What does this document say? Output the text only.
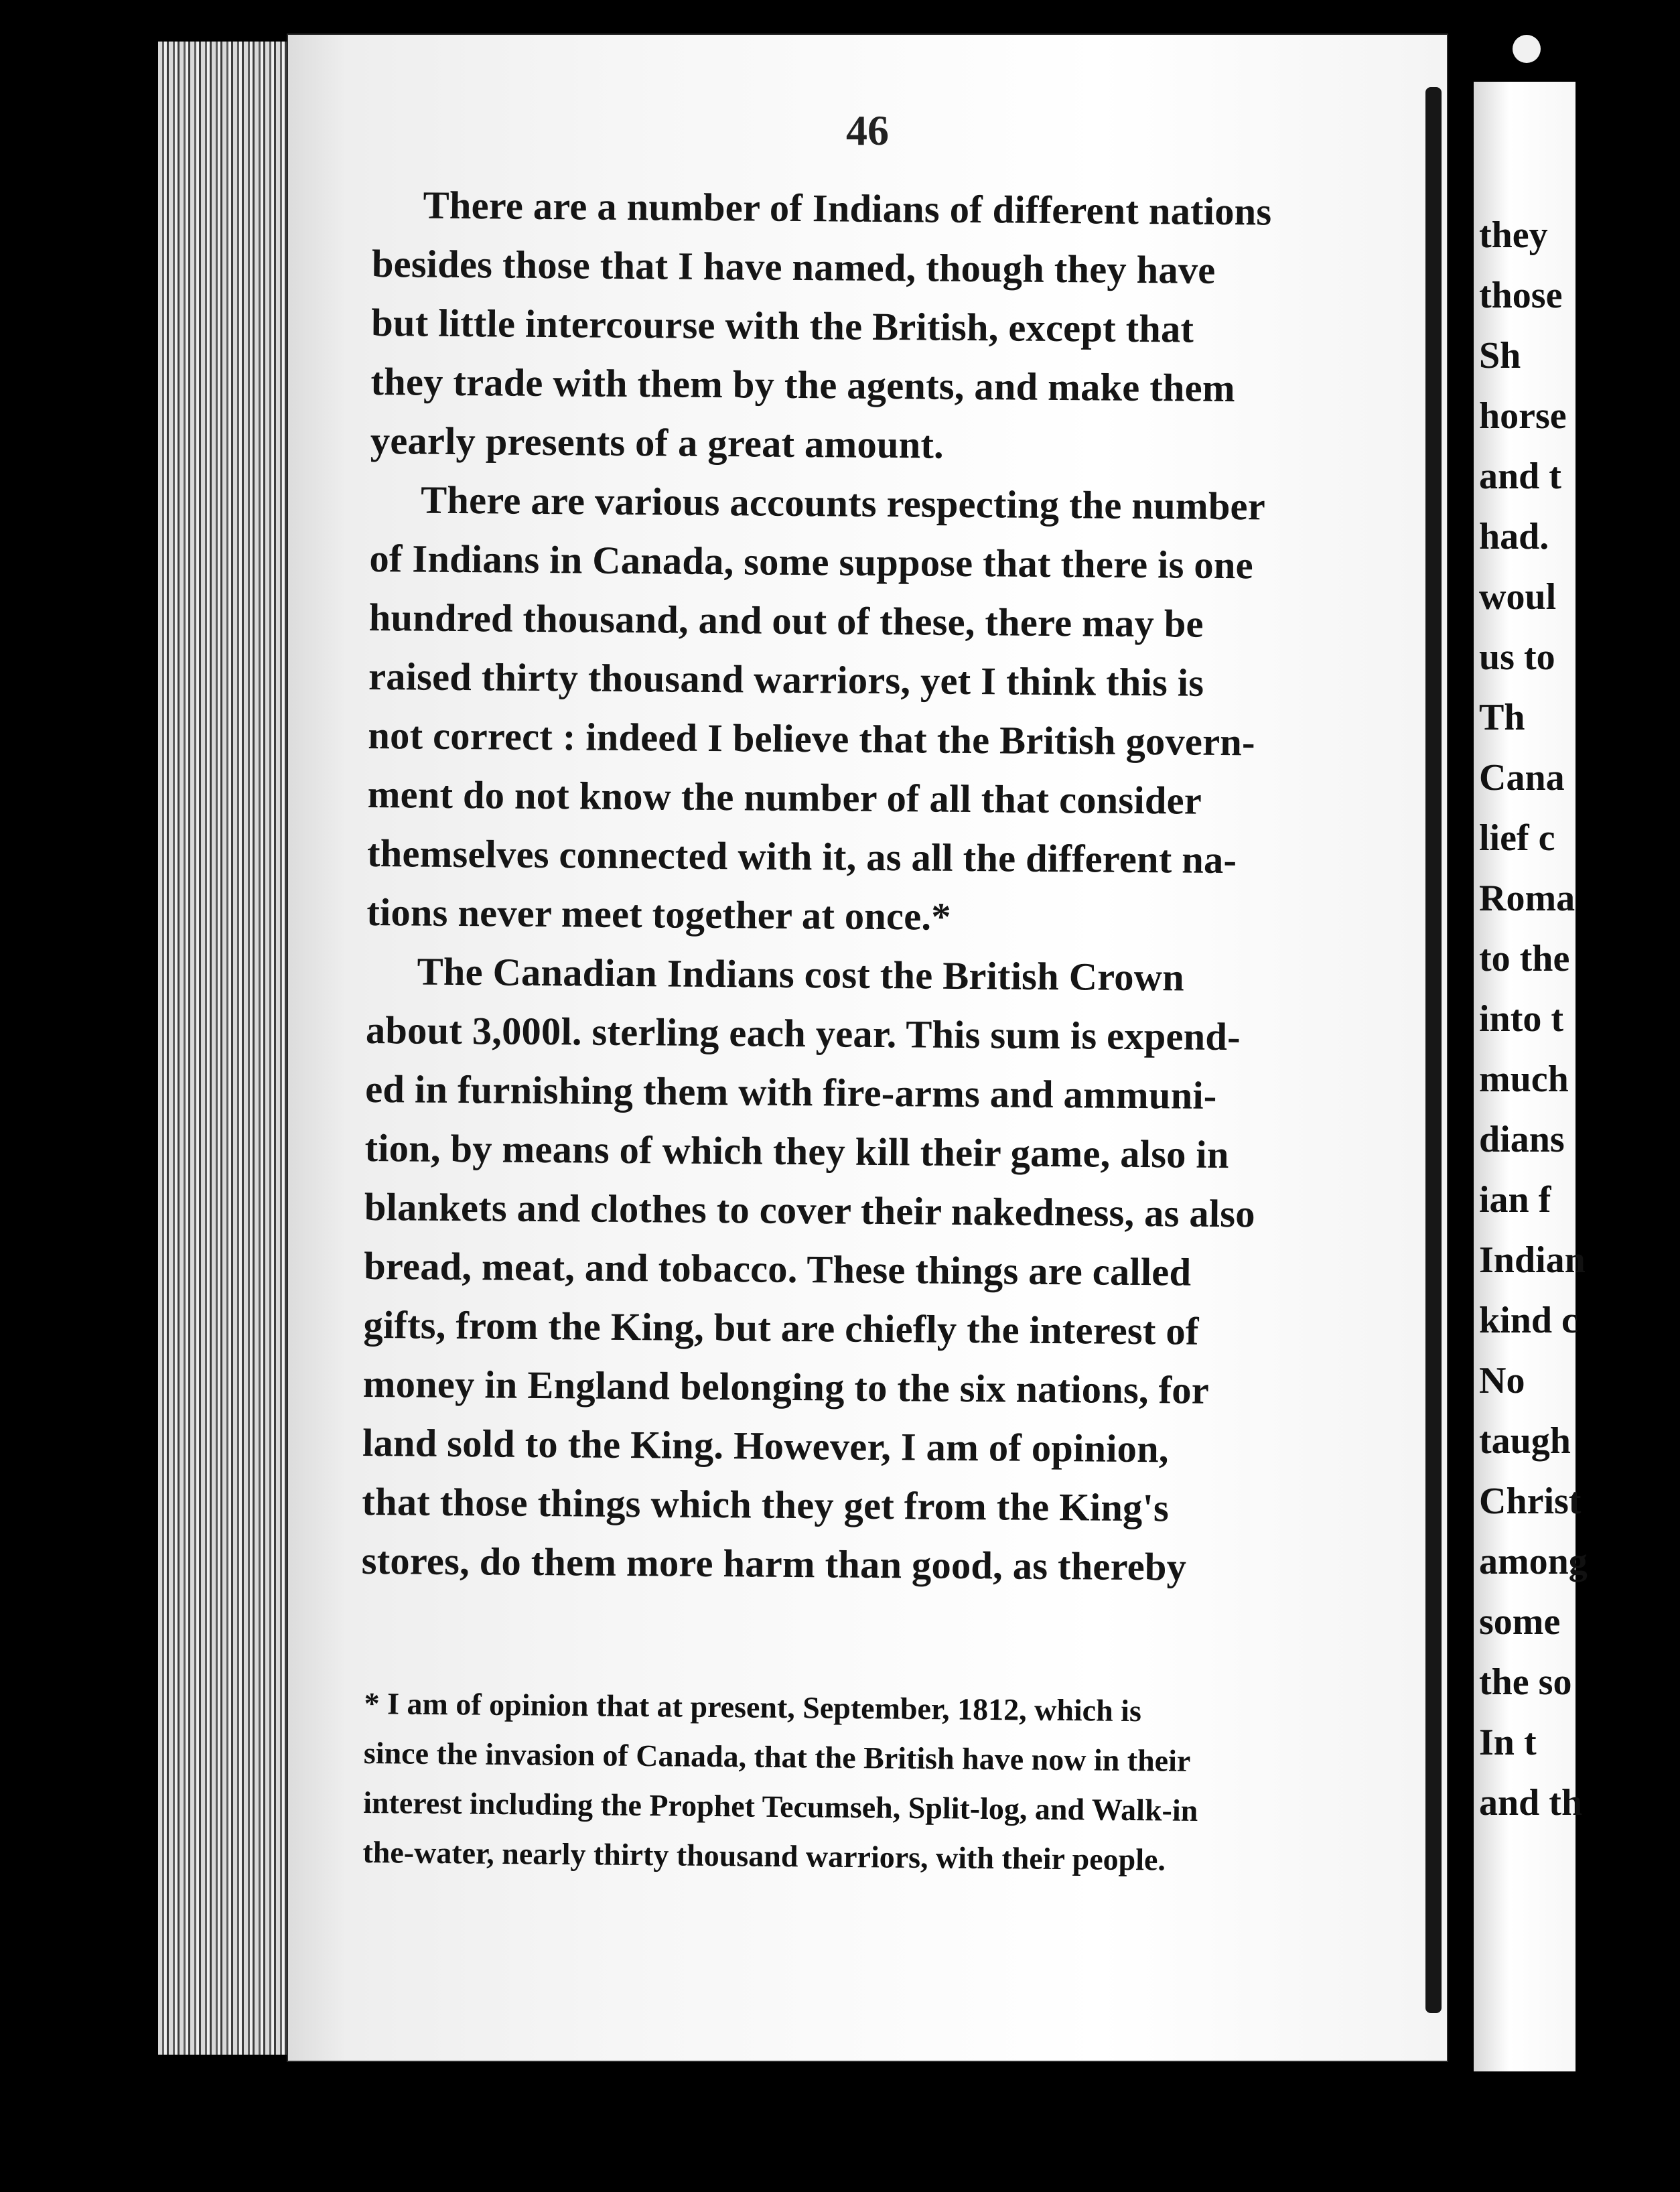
46
There are a number of Indians of different nations
besides those that I have named, though they have
but little intercourse with the British, except that
they trade with them by the agents, and make them
yearly presents of a great amount.
There are various accounts respecting the number
of Indians in Canada, some suppose that there is one
hundred thousand, and out of these, there may be
raised thirty thousand warriors, yet I think this is
not correct : indeed I believe that the British govern-
ment do not know the number of all that consider
themselves connected with it, as all the different na-
tions never meet together at once.*
The Canadian Indians cost the British Crown
about 3,000l. sterling each year. This sum is expend-
ed in furnishing them with fire-arms and ammuni-
tion, by means of which they kill their game, also in
blankets and clothes to cover their nakedness, as also
bread, meat, and tobacco. These things are called
gifts, from the King, but are chiefly the interest of
money in England belonging to the six nations, for
land sold to the King. However, I am of opinion,
that those things which they get from the King's
stores, do them more harm than good, as thereby
* I am of opinion that at present, September, 1812, which is
since the invasion of Canada, that the British have now in their
interest including the Prophet Tecumseh, Split-log, and Walk-in
the-water, nearly thirty thousand warriors, with their people.
they
those
Sh
horse
and t
had.
woul
us to
Th
Cana
lief c
Roma
to the
into t
much
dians
ian f
Indian
kind c
No
taugh
Christ
among
some
the so
In t
and th
